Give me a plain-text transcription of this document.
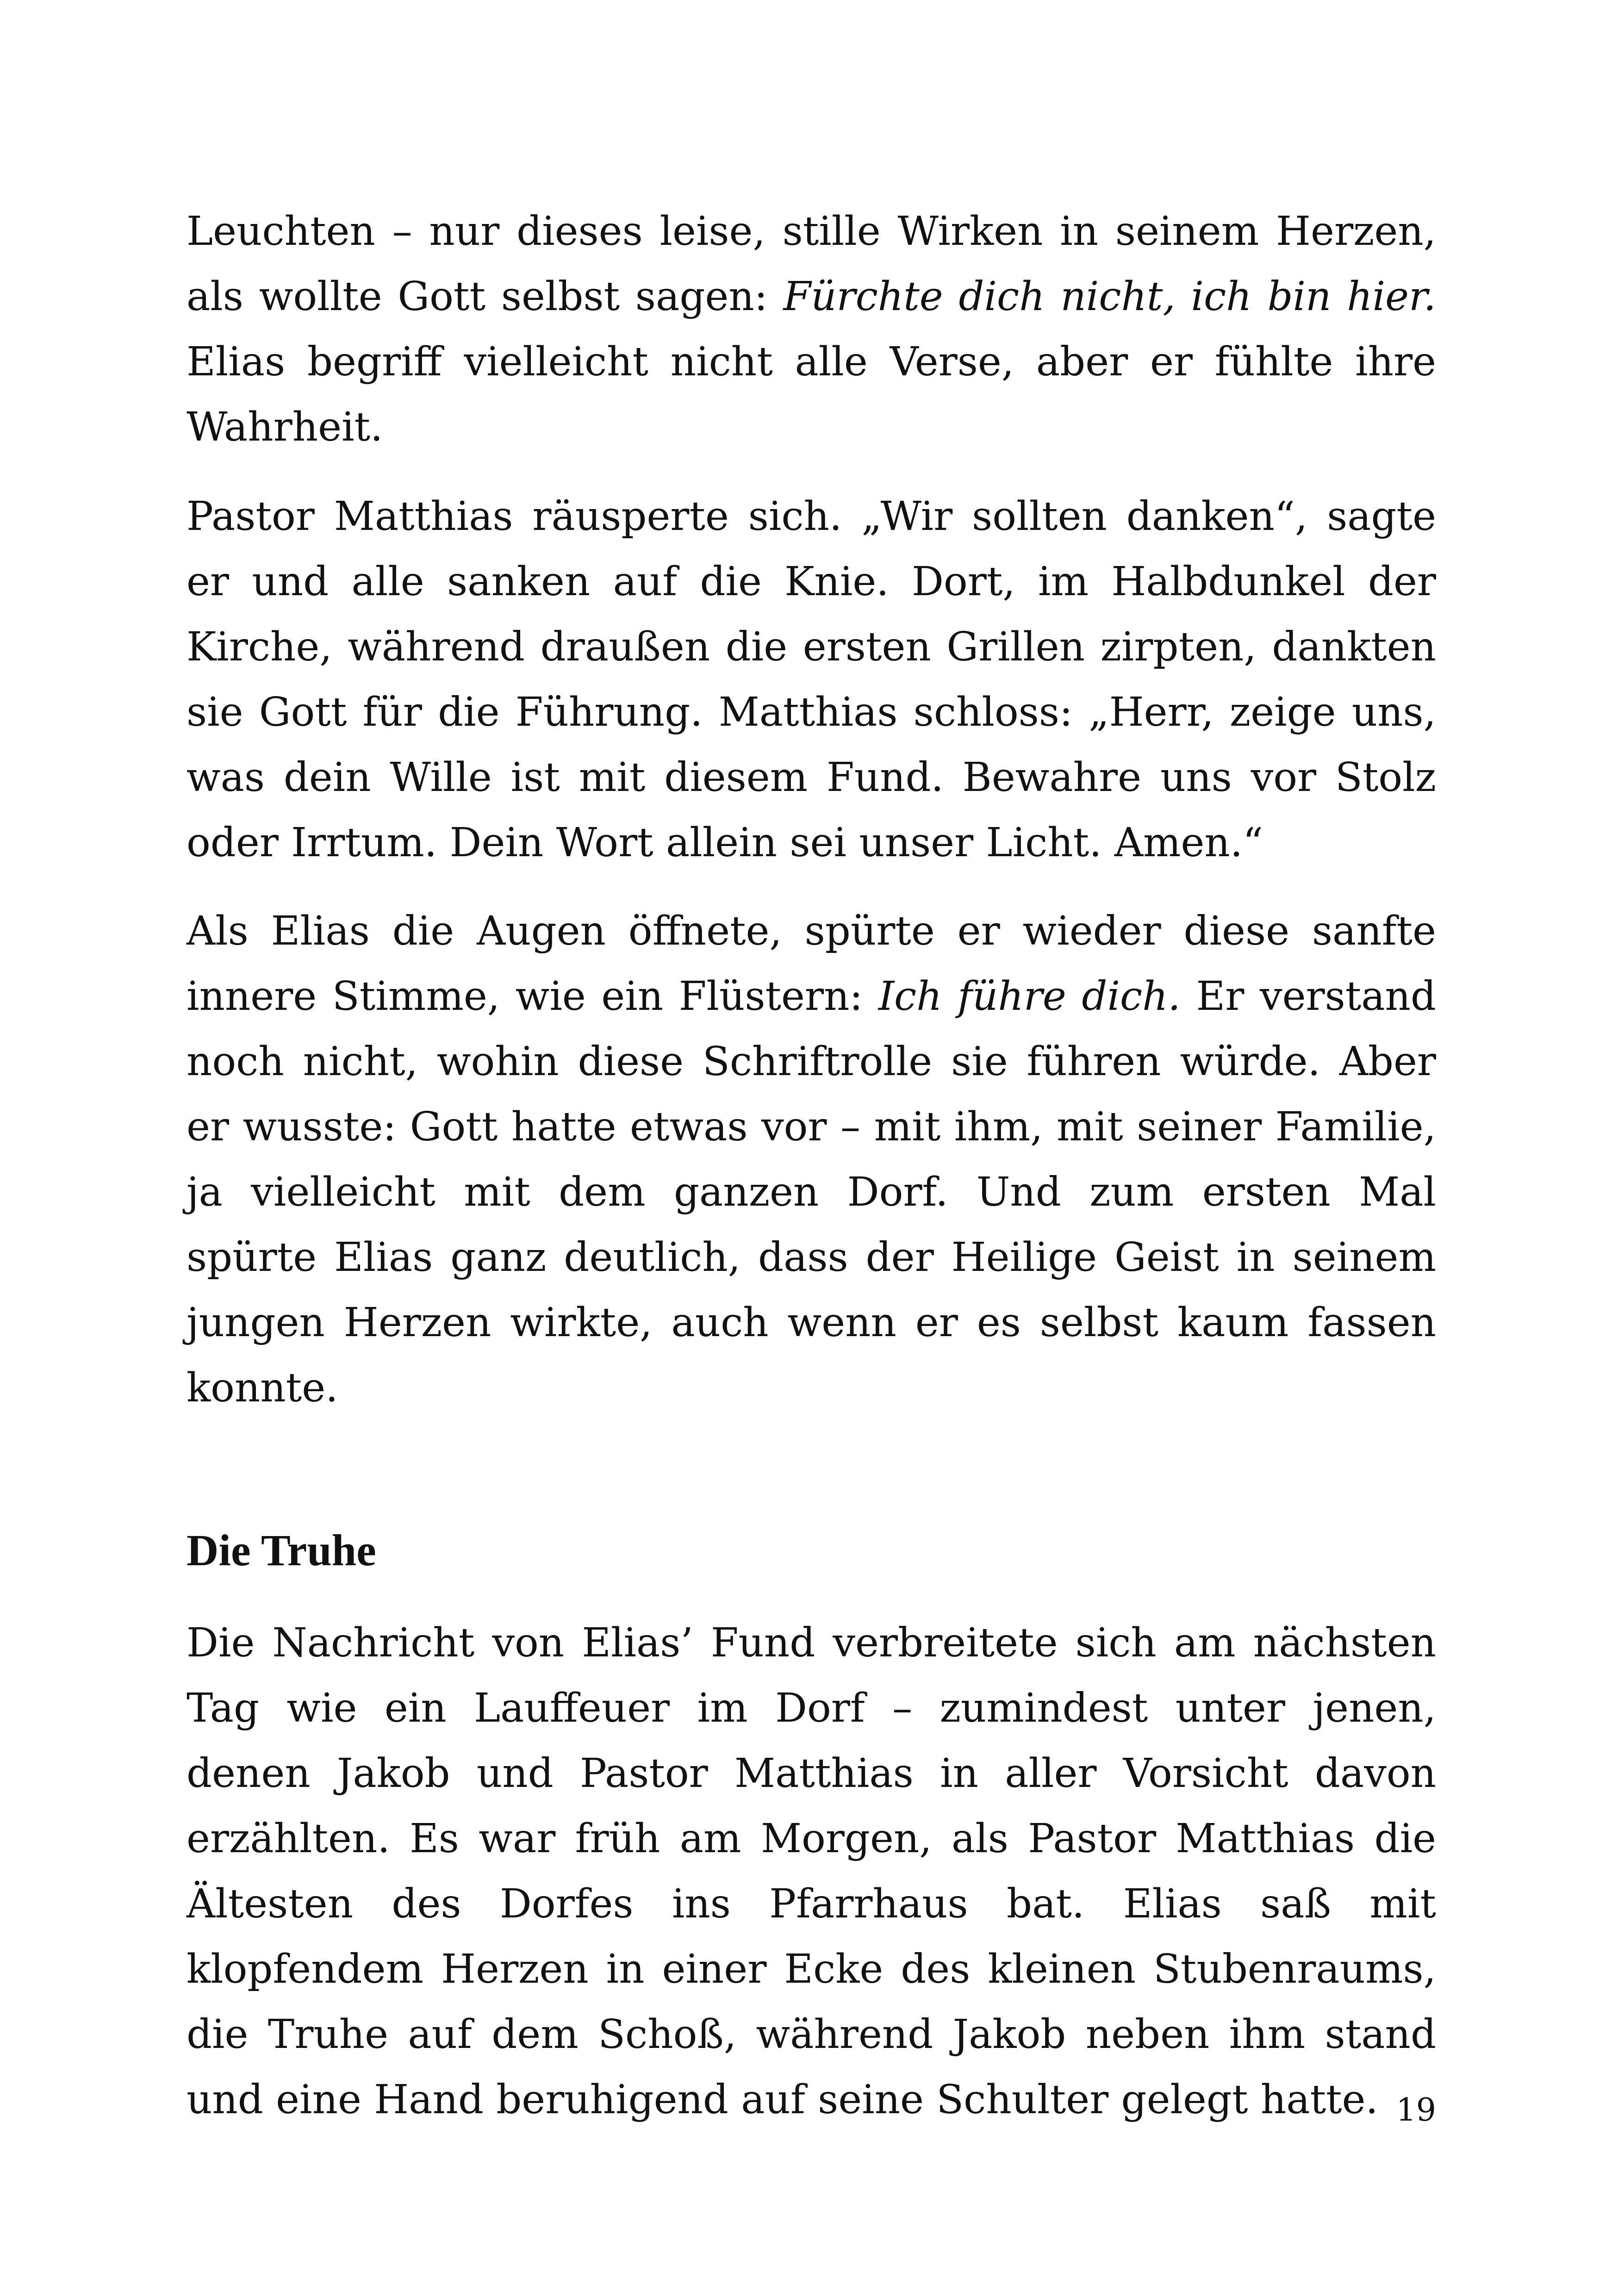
Leuchten – nur dieses leise, stille Wirken in seinem Herzen, als wollte Gott selbst sagen: Fürchte dich nicht, ich bin hier. Elias begriff vielleicht nicht alle Verse, aber er fühlte ihre Wahrheit.

Pastor Matthias räusperte sich. „Wir sollten danken“, sagte er und alle sanken auf die Knie. Dort, im Halbdunkel der Kirche, während draußen die ersten Grillen zirpten, dankten sie Gott für die Führung. Matthias schloss: „Herr, zeige uns, was dein Wille ist mit diesem Fund. Bewahre uns vor Stolz oder Irrtum. Dein Wort allein sei unser Licht. Amen.“

Als Elias die Augen öffnete, spürte er wieder diese sanfte innere Stimme, wie ein Flüstern: Ich führe dich. Er verstand noch nicht, wohin diese Schriftrolle sie führen würde. Aber er wusste: Gott hatte etwas vor – mit ihm, mit seiner Familie, ja vielleicht mit dem ganzen Dorf. Und zum ersten Mal spürte Elias ganz deutlich, dass der Heilige Geist in seinem jungen Herzen wirkte, auch wenn er es selbst kaum fassen konnte.

Die Truhe

Die Nachricht von Elias’ Fund verbreitete sich am nächsten Tag wie ein Lauffeuer im Dorf – zumindest unter jenen, denen Jakob und Pastor Matthias in aller Vorsicht davon erzählten. Es war früh am Morgen, als Pastor Matthias die Ältesten des Dorfes ins Pfarrhaus bat. Elias saß mit klopfendem Herzen in einer Ecke des kleinen Stubenraums, die Truhe auf dem Schoß, während Jakob neben ihm stand und eine Hand beruhigend auf seine Schulter gelegt hatte. 19
